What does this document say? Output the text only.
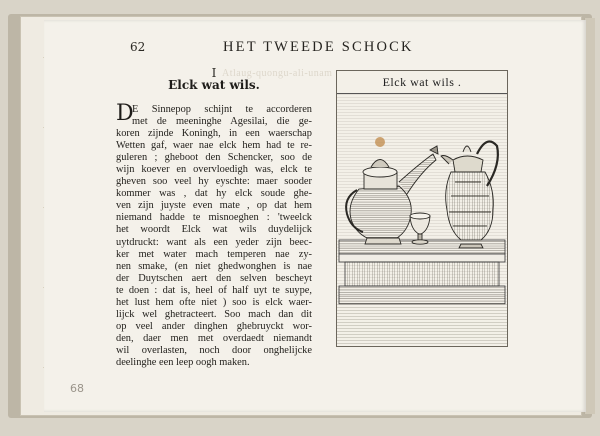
62	HET TWEEDE SCHOCK
Atlaug-quongu-ali-unam
I
Elck wat wils.
D
E Sinnepop schijnt te accorderen
met de meeninghe Agesilai, die ge-
koren zijnde Koningh, in een waerschap
Wetten gaf, waer nae elck hem had te re-
guleren ; gheboot den Schencker, soo de
wijn koever en overvloedigh was, elck te
gheven soo veel hy eyschte: maer sooder
kommer was , dat hy elck soude ghe-
ven zijn juyste even mate , op dat hem
niemand hadde te misnoeghen : 'tweelck
het woordt Elck wat wils duydelijck
uytdruckt: want als een yeder zijn beec-
ker met water mach temperen nae zy-
nen smake, (en niet ghedwonghen is nae
der Duytschen aert den selven bescheyt
te doen : dat is, heel of half uyt te suype,
het lust hem ofte niet ) soo is elck waer-
lijck wel ghetracteert. Soo mach dan dit
op veel ander dinghen ghebruyckt wor-
den, daer men met overdaedt niemandt
wil overlasten, noch door onghelijcke
deelinghe een leep oogh maken.
Elck wat wils .
68
